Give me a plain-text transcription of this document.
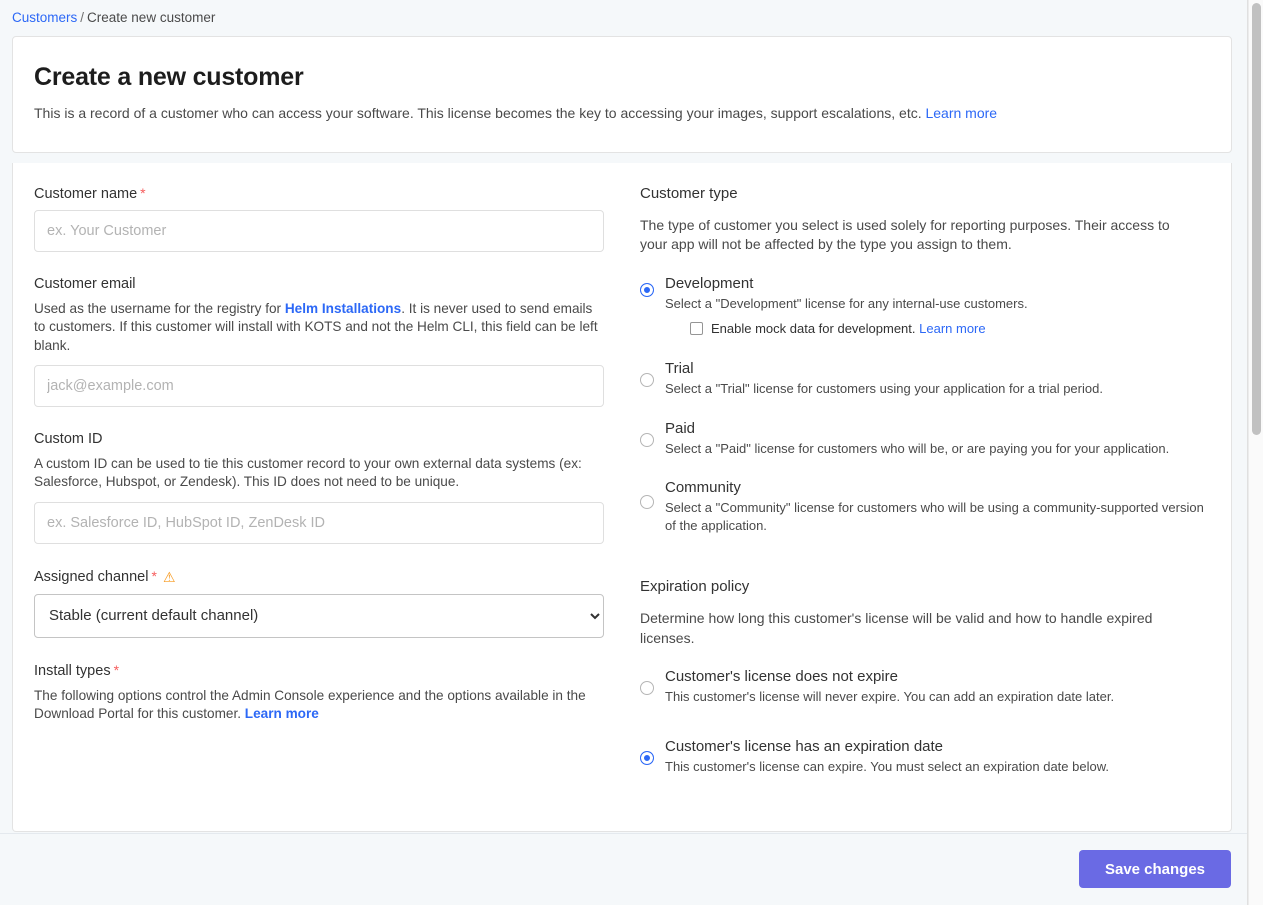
Customers / Create new customer
Create a new customer
This is a record of a customer who can access your software. This license becomes the key to accessing your images, support escalations, etc. Learn more
Customer name *
ex. Your Customer
Customer email
Used as the username for the registry for Helm Installations. It is never used to send emails to customers. If this customer will install with KOTS and not the Helm CLI, this field can be left blank.
jack@example.com
Custom ID
A custom ID can be used to tie this customer record to your own external data systems (ex: Salesforce, Hubspot, or Zendesk). This ID does not need to be unique.
ex. Salesforce ID, HubSpot ID, ZenDesk ID
Assigned channel * ⚠
Stable (current default channel)
Install types *
The following options control the Admin Console experience and the options available in the Download Portal for this customer. Learn more
Customer type
The type of customer you select is used solely for reporting purposes. Their access to your app will not be affected by the type you assign to them.
Development
Select a "Development" license for any internal-use customers.
Enable mock data for development. Learn more
Trial
Select a "Trial" license for customers using your application for a trial period.
Paid
Select a "Paid" license for customers who will be, or are paying you for your application.
Community
Select a "Community" license for customers who will be using a community-supported version of the application.
Expiration policy
Determine how long this customer's license will be valid and how to handle expired licenses.
Customer's license does not expire
This customer's license will never expire. You can add an expiration date later.
Customer's license has an expiration date
This customer's license can expire. You must select an expiration date below.
Save changes
